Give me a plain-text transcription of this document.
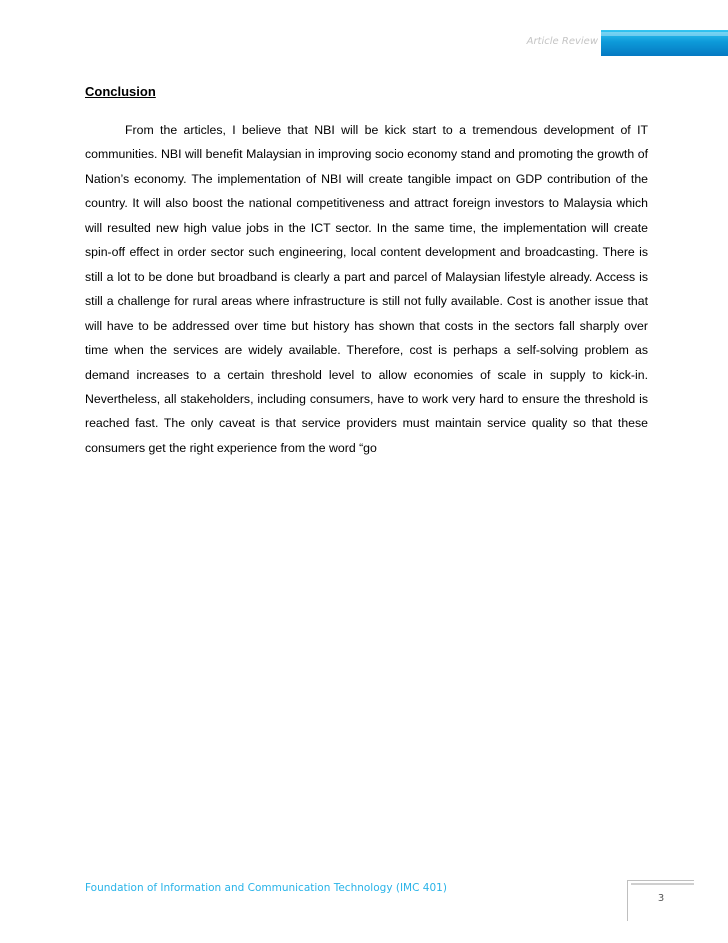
Article Review
Conclusion

From the articles, I believe that NBI will be kick start to a tremendous development of IT communities. NBI will benefit Malaysian in improving socio economy stand and promoting the growth of Nation’s economy. The implementation of NBI will create tangible impact on GDP contribution of the country. It will also boost the national competitiveness and attract foreign investors to Malaysia which will resulted new high value jobs in the ICT sector. In the same time, the implementation will create spin-off effect in order sector such engineering, local content development and broadcasting. There is still a lot to be done but broadband is clearly a part and parcel of Malaysian lifestyle already. Access is still a challenge for rural areas where infrastructure is still not fully available. Cost is another issue that will have to be addressed over time but history has shown that costs in the sectors fall sharply over time when the services are widely available. Therefore, cost is perhaps a self-solving problem as demand increases to a certain threshold level to allow economies of scale in supply to kick-in. Nevertheless, all stakeholders, including consumers, have to work very hard to ensure the threshold is reached fast. The only caveat is that service providers must maintain service quality so that these consumers get the right experience from the word “go

Foundation of Information and Communication Technology (IMC 401)
3
